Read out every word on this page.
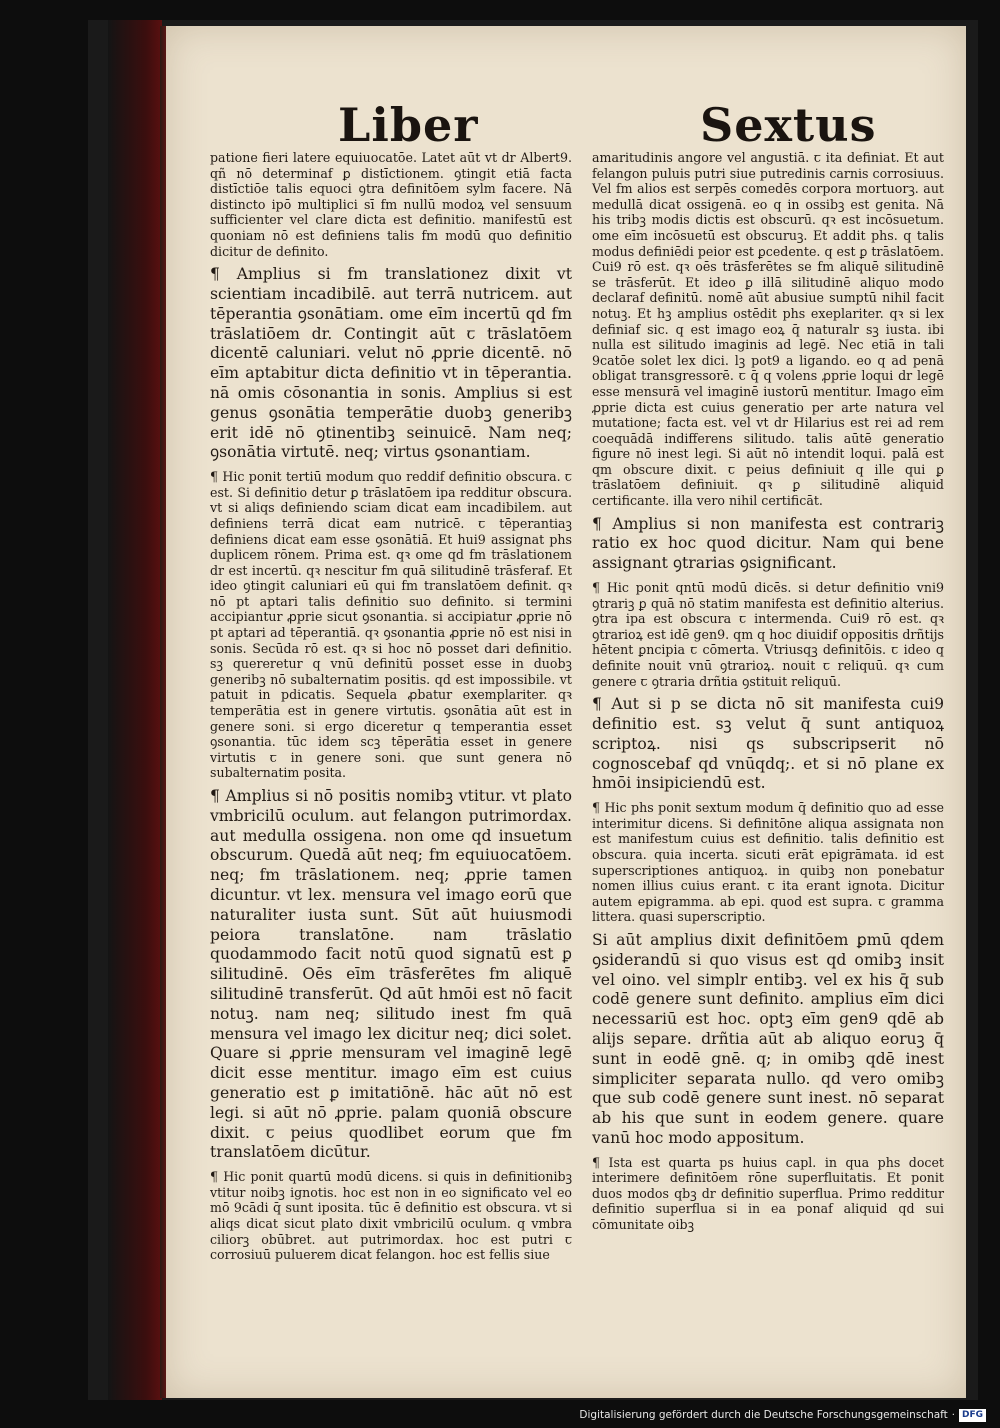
Liber	Sextus

patione fieri latere equiuocatōe. Latet aūt vt dr Albert9. qñ nō determinaf ꝑ distīctionem. ꝯtingit etiā facta distīctiōe talis equoci ꝯtra definitōem sylm facere. Nā distincto ipō multiplici sī fm nullū modoꝝ vel sensuum sufficienter vel clare dicta est definitio. manifestū est quoniam nō est definiens talis fm modū quo definitio dicitur de definito.

¶ Amplius si fm translationez dixit vt scientiam incadibilē. aut terrā nutricem. aut tēperantia ꝯsonātiam. ome eīm incertū qd fm trāslatiōem dr. Contingit aūt ꞇ trāslatōem dicentē caluniari. velut nō ꝓprie dicentē. nō eīm aptabitur dicta definitio vt in tēperantia. nā omis cōsonantia in sonis. Amplius si est genus ꝯsonātia temperātie duobꝫ generibꝫ erit idē nō ꝯtinentibꝫ seinuicē. Nam neq; ꝯsonātia virtutē. neq; virtus ꝯsonantiam.

¶ Hic ponit tertiū modum quo reddif definitio obscura. ꞇ est. Si definitio detur ꝑ trāslatōem ipa redditur obscura. vt si aliqs definiendo sciam dicat eam incadibilem. aut definiens terrā dicat eam nutricē. ꞇ tēperantiaꝫ definiens dicat eam esse ꝯsonātiā. Et hui9 assignat phs duplicem rōnem. Prima est. qꝛ ome qd fm trāslationem dr est incertū. qꝛ nescitur fm quā silitudinē trāsferaf. Et ideo ꝯtingit caluniari eū qui fm translatōem definit. qꝛ nō pt aptari talis definitio suo definito. si termini accipiantur ꝓprie sicut ꝯsonantia. si accipiatur ꝓprie nō pt aptari ad tēperantiā. qꝛ ꝯsonantia ꝓprie nō est nisi in sonis. Secūda rō est. qꝛ si hoc nō posset dari definitio. sꝫ quereretur q vnū definitū posset esse in duobꝫ generibꝫ nō subalternatim positis. qd est impossibile. vt patuit in pdicatis. Sequela ꝓbatur exemplariter. qꝛ temperātia est in genere virtutis. ꝯsonātia aūt est in genere soni. si ergo diceretur q temperantia esset ꝯsonantia. tūc idem scꝫ tēperātia esset in genere virtutis ꞇ in genere soni. que sunt genera nō subalternatim posita.

¶ Amplius si nō positis nomibꝫ vtitur. vt plato vmbricilū oculum. aut felangon putrimordax. aut medulla ossigena. non ome qd insuetum obscurum. Quedā aūt neq; fm equiuocatōem. neq; fm trāslationem. neq; ꝓprie tamen dicuntur. vt lex. mensura vel imago eorū que naturaliter iusta sunt. Sūt aūt huiusmodi peiora translatōne. nam trāslatio quodammodo facit notū quod signatū est ꝑ silitudinē. Oēs eīm trāsferētes fm aliquē silitudinē transferūt. Qd aūt hmōi est nō facit notuꝫ. nam neq; silitudo inest fm quā mensura vel imago lex dicitur neq; dici solet. Quare si ꝓprie mensuram vel imaginē legē dicit esse mentitur. imago eīm est cuius generatio est ꝑ imitatiōnē. hāc aūt nō est legi. si aūt nō ꝓprie. palam quoniā obscure dixit. ꞇ peius quodlibet eorum que fm translatōem dicūtur.

¶ Hic ponit quartū modū dicens. si quis in definitionibꝫ vtitur noibꝫ ignotis. hoc est non in eo significato vel eo mō 9cādi q̄ sunt iposita. tūc ē definitio est obscura. vt si aliqs dicat sicut plato dixit vmbricilū oculum. q vmbra ciliorꝫ obūbret. aut putrimordax. hoc est putri ꞇ corrosiuū puluerem dicat felangon. hoc est fellis siue

amaritudinis angore vel angustiā. ꞇ ita definiat. Et aut felangon puluis putri siue putredinis carnis corrosiuus. Vel fm alios est serpēs comedēs corpora mortuorꝫ. aut medullā dicat ossigenā. eo q in ossibꝫ est genita. Nā his tribꝫ modis dictis est obscurū. qꝛ est incōsuetum. ome eīm incōsuetū est obscuruꝫ. Et addit phs. q talis modus definiēdi peior est ꝑcedente. q est ꝑ trāslatōem. Cui9 rō est. qꝛ oēs trāsferētes se fm aliquē silitudinē se trāsferūt. Et ideo ꝑ illā silitudinē aliquo modo declaraf definitū. nomē aūt abusiue sumptū nihil facit notuꝫ. Et hꝫ amplius ostēdit phs exeplariter. qꝛ si lex definiaf sic. q est imago eoꝝ q̄ naturalr sꝫ iusta. ibi nulla est silitudo imaginis ad legē. Nec etiā in tali 9catōe solet lex dici. lꝫ pot9 a ligando. eo q ad penā obligat transgressorē. ꞇ q̄ q volens ꝓprie loqui dr legē esse mensurā vel imaginē iustorū mentitur. Imago eīm ꝓprie dicta est cuius generatio per arte natura vel mutatione; facta est. vel vt dr Hilarius est rei ad rem coequādā indifferens silitudo. talis aūtē generatio figure nō inest legi. Si aūt nō intendit loqui. palā est qm obscure dixit. ꞇ peius definiuit q ille qui ꝑ trāslatōem definiuit. qꝛ ꝑ silitudinē aliquid certificante. illa vero nihil certificāt.

¶ Amplius si non manifesta est contrariꝫ ratio ex hoc quod dicitur. Nam qui bene assignant ꝯtrarias ꝯsignificant.

¶ Hic ponit qntū modū dicēs. si detur definitio vni9 ꝯtrariꝫ ꝑ quā nō statim manifesta est definitio alterius. ꝯtra ipa est obscura ꞇ intermenda. Cui9 rō est. qꝛ ꝯtrarioꝝ est idē gen9. qm q hoc diuidif oppositis drñtijs hētent ꝑncipia ꞇ cōmerta. Vtriusqꝫ definitōis. ꞇ ideo q definite nouit vnū ꝯtrarioꝝ. nouit ꞇ reliquū. qꝛ cum genere ꞇ ꝯtraria drñtia ꝯstituit reliquū.

¶ Aut si p se dicta nō sit manifesta cui9 definitio est. sꝫ velut q̄ sunt antiquoꝝ scriptoꝝ. nisi qs subscripserit nō cognoscebaf qd vnūqdq;. et si nō plane ex hmōi insipiciendū est.

¶ Hic phs ponit sextum modum q̄ definitio quo ad esse interimitur dicens. Si definitōne aliqua assignata non est manifestum cuius est definitio. talis definitio est obscura. quia incerta. sicuti erāt epigrāmata. id est superscriptiones antiquoꝝ. in quibꝫ non ponebatur nomen illius cuius erant. ꞇ ita erant ignota. Dicitur autem epigramma. ab epi. quod est supra. ꞇ gramma littera. quasi superscriptio.

Si aūt amplius dixit definitōem ꝑmū qdem ꝯsiderandū si quo visus est qd omibꝫ insit vel oino. vel simplr entibꝫ. vel ex his q̄ sub codē genere sunt definito. amplius eīm dici necessariū est hoc. optꝫ eīm gen9 qdē ab alijs separe. drñtia aūt ab aliquo eoruꝫ q̄ sunt in eodē gnē. q; in omibꝫ qdē inest simpliciter separata nullo. qd vero omibꝫ que sub codē genere sunt inest. nō separat ab his que sunt in eodem genere. quare vanū hoc modo appositum.

¶ Ista est quarta ps huius capl. in qua phs docet interimere definitōem rōne superfluitatis. Et ponit duos modos qbꝫ dr definitio superflua. Primo redditur definitio superflua si in ea ponaf aliquid qd sui cōmunitate oibꝫ

Digitalisierung gefördert durch die Deutsche Forschungsgemeinschaft · DFG
